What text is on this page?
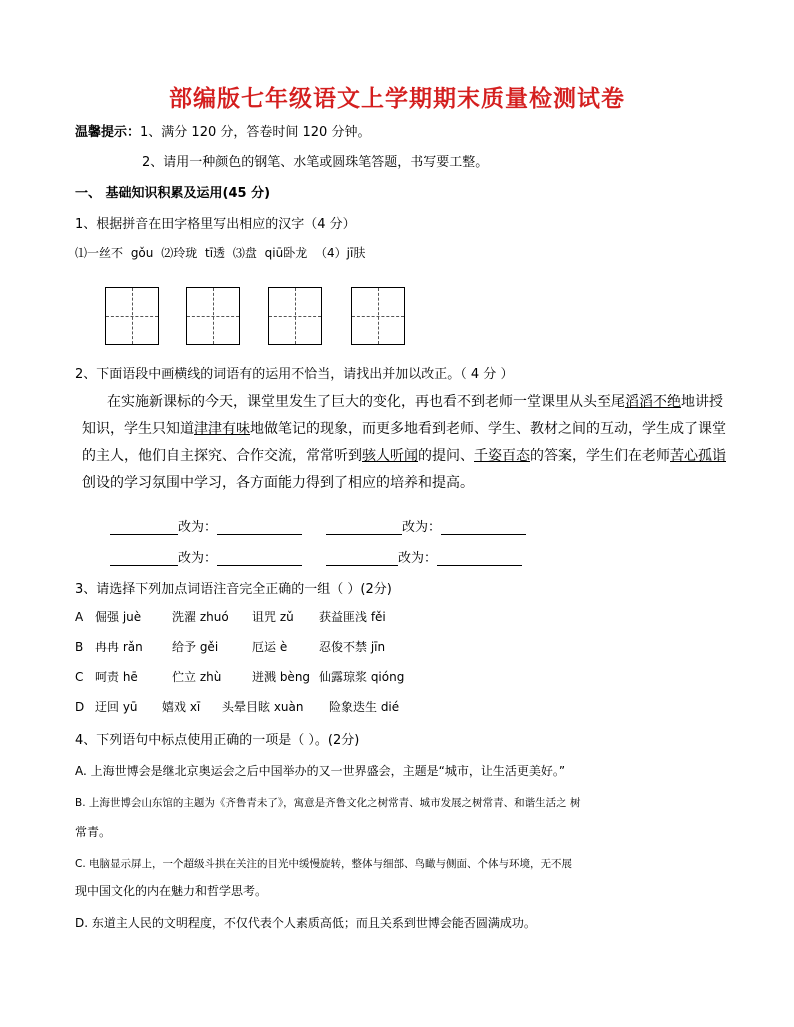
部编版七年级语文上学期期末质量检测试卷
温馨提示：1、满分 120 分，答卷时间 120 分钟。
2、请用一种颜色的钢笔、水笔或圆珠笔答题，书写要工整。
一、 基础知识积累及运用(45 分)
1、根据拼音在田字格里写出相应的汉字（4 分）
⑴一丝不 gǒu ⑵玲珑 tī透 ⑶盘 qiū卧龙 （4）jī肤
2、下面语段中画横线的词语有的运用不恰当，请找出并加以改正。（ 4 分 ）
在实施新课标的今天，课堂里发生了巨大的变化，再也看不到老师一堂课里从头至尾滔滔不绝地讲授
知识，学生只知道津津有味地做笔记的现象，而更多地看到老师、学生、教材之间的互动，学生成了课堂
的主人，他们自主探究、合作交流，常常听到骇人听闻的提问、千姿百态的答案，学生们在老师苦心孤诣
创设的学习氛围中学习，各方面能力得到了相应的培养和提高。
改为：	改为：
改为：	改为：
3、请选择下列加点词语注音完全正确的一组（ ）(2分)
A 倔强 juè	洗濯 zhuó 诅咒 zǔ 获益匪浅 fěi
B 冉冉 rǎn 给予 gěi	厄运 è	忍俊不禁 jīn
C 呵责 hē	伫立 zhù	迸溅 bèng 仙露琼浆 qióng
D 迂回 yū 嬉戏 xī 头晕目眩 xuàn 险象迭生 dié
4、下列语句中标点使用正确的一项是（ ）。(2分)
A. 上海世博会是继北京奥运会之后中国举办的又一世界盛会，主题是“城市，让生活更美好。”
B. 上海世博会山东馆的主题为《齐鲁青未了》，寓意是齐鲁文化之树常青、城市发展之树常青、和谐生活之 树
常青。
C. 电脑显示屏上，一个超级斗拱在关注的目光中缓慢旋转，整体与细部、鸟瞰与侧面、个体与环境，无不展
现中国文化的内在魅力和哲学思考。
D. 东道主人民的文明程度，不仅代表个人素质高低；而且关系到世博会能否圆满成功。
